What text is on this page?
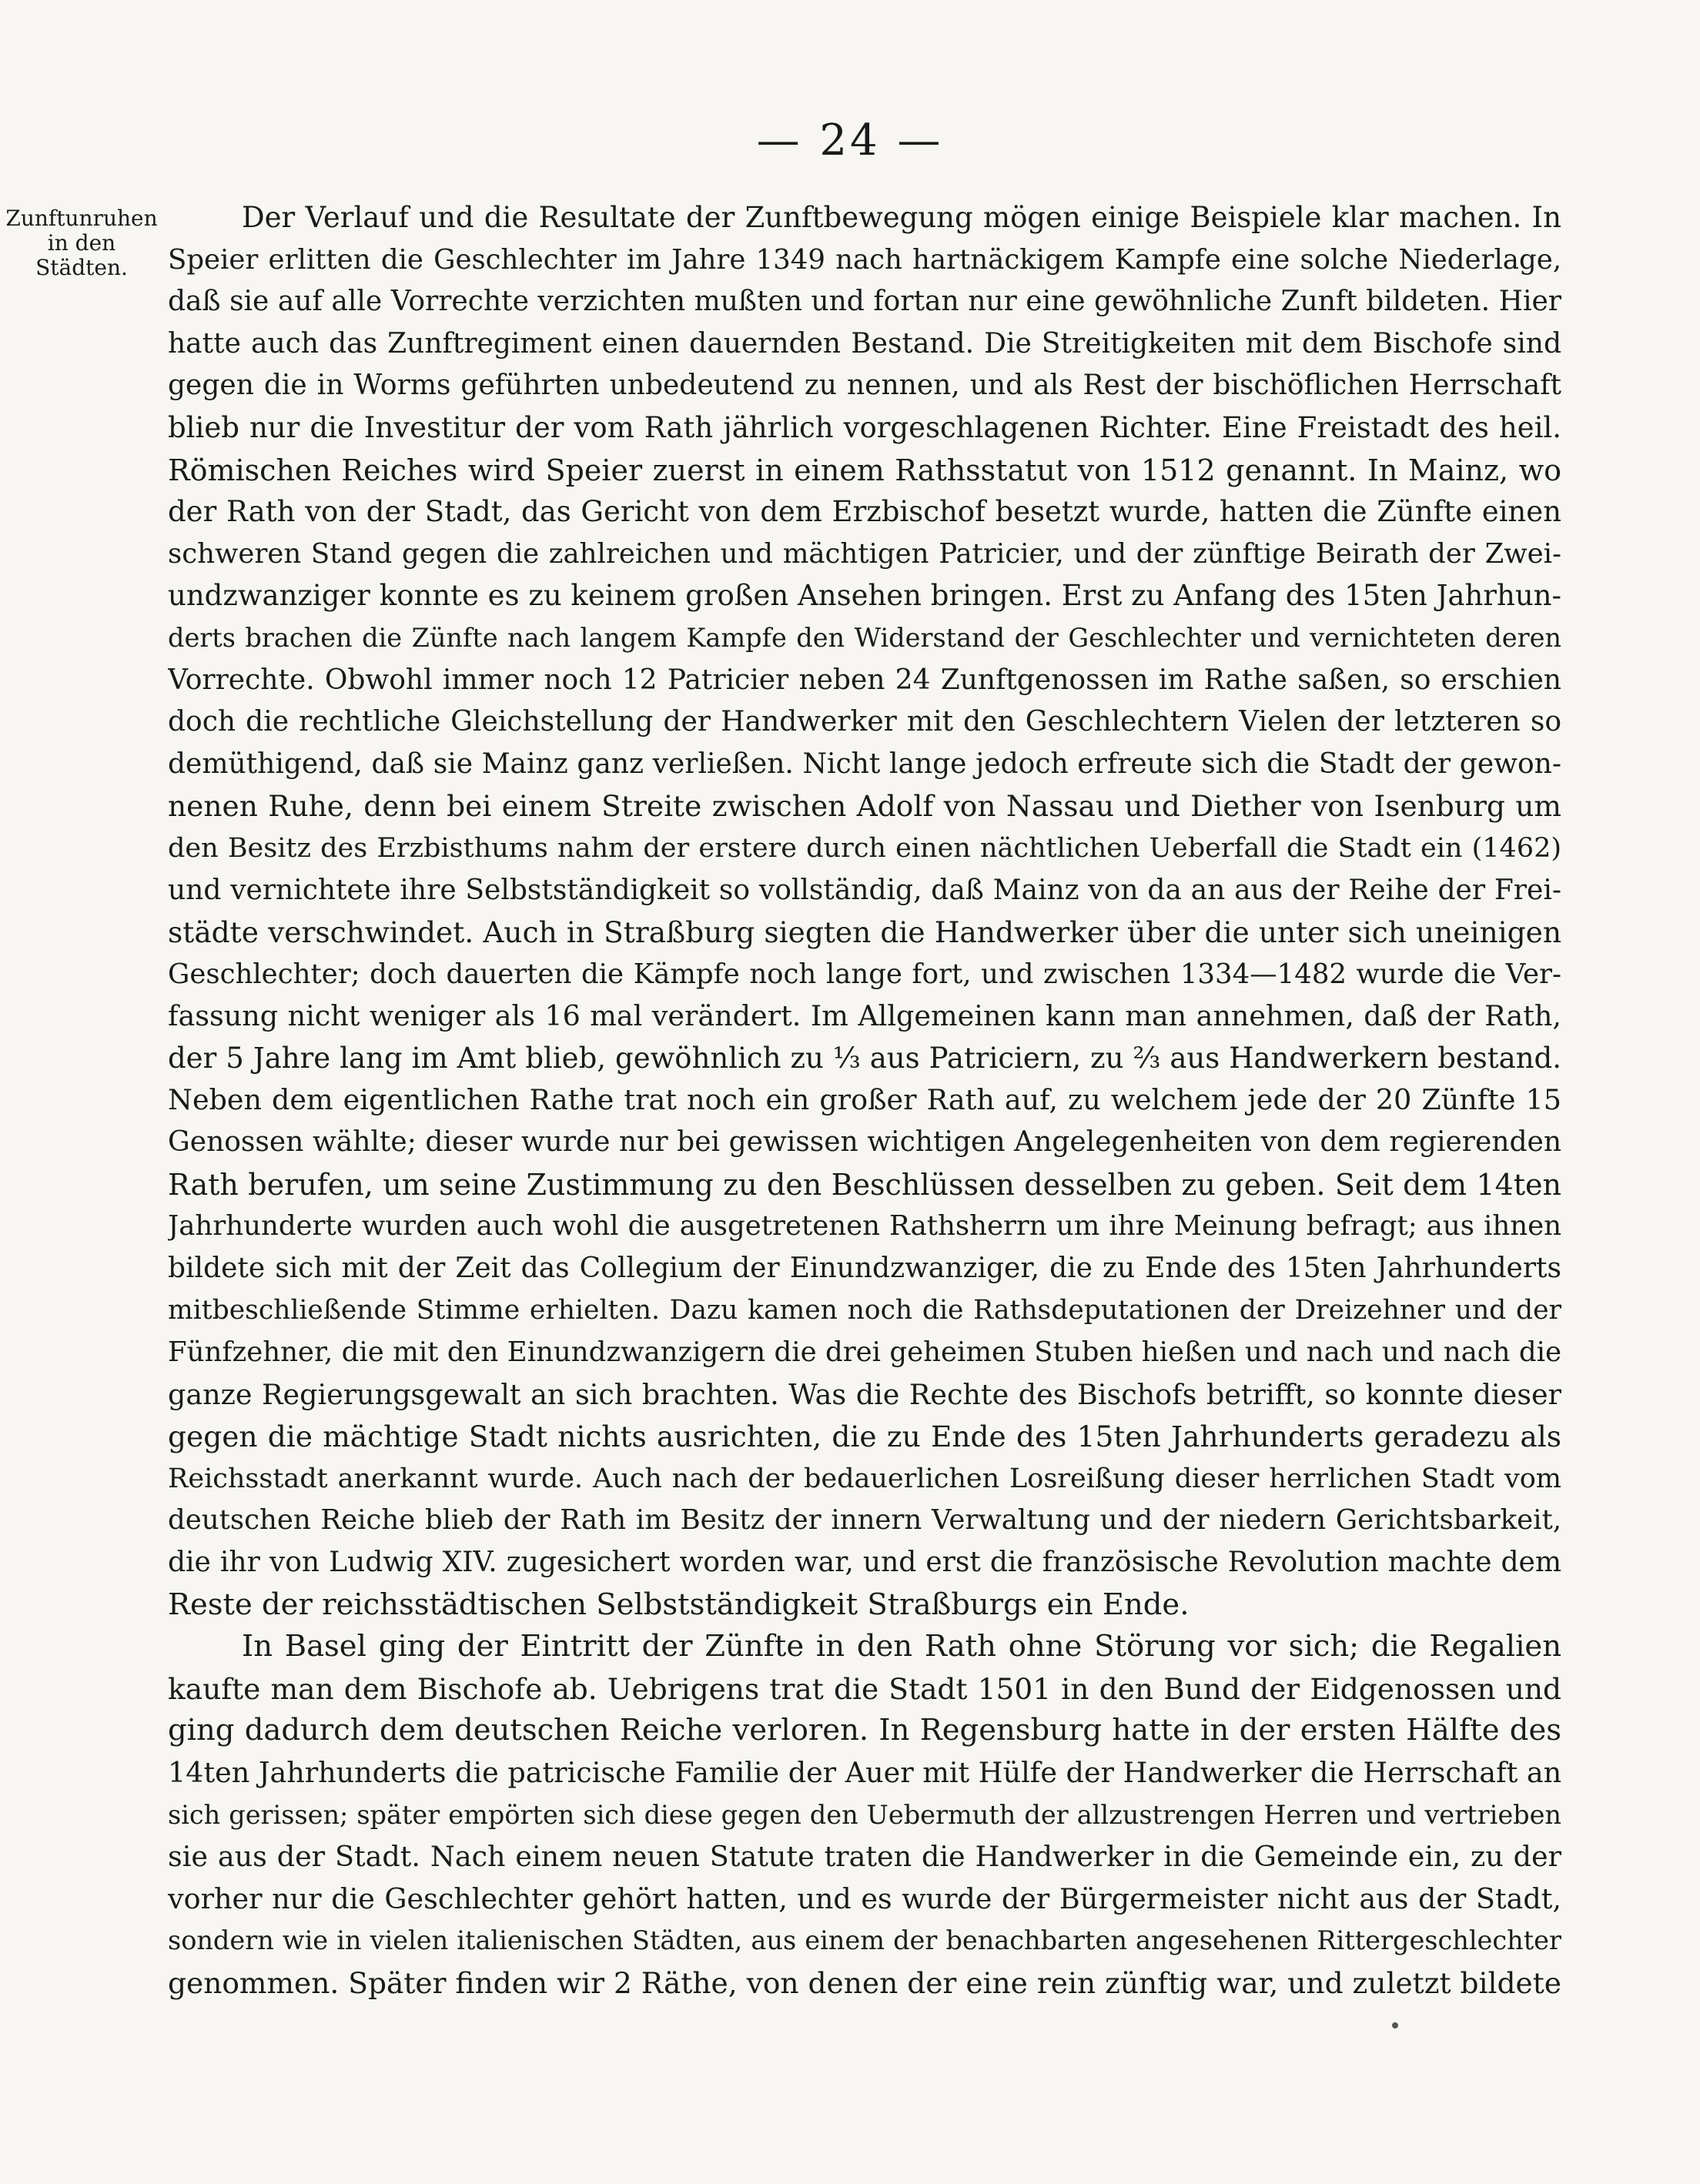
— 24 —
Zunftunruhen
in den
Städten.
Der Verlauf und die Resultate der Zunftbewegung mögen einige Beispiele klar machen. In
Speier erlitten die Geschlechter im Jahre 1349 nach hartnäckigem Kampfe eine solche Niederlage,
daß sie auf alle Vorrechte verzichten mußten und fortan nur eine gewöhnliche Zunft bildeten. Hier
hatte auch das Zunftregiment einen dauernden Bestand. Die Streitigkeiten mit dem Bischofe sind
gegen die in Worms geführten unbedeutend zu nennen, und als Rest der bischöflichen Herrschaft
blieb nur die Investitur der vom Rath jährlich vorgeschlagenen Richter. Eine Freistadt des heil.
Römischen Reiches wird Speier zuerst in einem Rathsstatut von 1512 genannt. In Mainz, wo
der Rath von der Stadt, das Gericht von dem Erzbischof besetzt wurde, hatten die Zünfte einen
schweren Stand gegen die zahlreichen und mächtigen Patricier, und der zünftige Beirath der Zwei-
undzwanziger konnte es zu keinem großen Ansehen bringen. Erst zu Anfang des 15ten Jahrhun-
derts brachen die Zünfte nach langem Kampfe den Widerstand der Geschlechter und vernichteten deren
Vorrechte. Obwohl immer noch 12 Patricier neben 24 Zunftgenossen im Rathe saßen, so erschien
doch die rechtliche Gleichstellung der Handwerker mit den Geschlechtern Vielen der letzteren so
demüthigend, daß sie Mainz ganz verließen. Nicht lange jedoch erfreute sich die Stadt der gewon-
nenen Ruhe, denn bei einem Streite zwischen Adolf von Nassau und Diether von Isenburg um
den Besitz des Erzbisthums nahm der erstere durch einen nächtlichen Ueberfall die Stadt ein (1462)
und vernichtete ihre Selbstständigkeit so vollständig, daß Mainz von da an aus der Reihe der Frei-
städte verschwindet. Auch in Straßburg siegten die Handwerker über die unter sich uneinigen
Geschlechter; doch dauerten die Kämpfe noch lange fort, und zwischen 1334—1482 wurde die Ver-
fassung nicht weniger als 16 mal verändert. Im Allgemeinen kann man annehmen, daß der Rath,
der 5 Jahre lang im Amt blieb, gewöhnlich zu ⅓ aus Patriciern, zu ⅔ aus Handwerkern bestand.
Neben dem eigentlichen Rathe trat noch ein großer Rath auf, zu welchem jede der 20 Zünfte 15
Genossen wählte; dieser wurde nur bei gewissen wichtigen Angelegenheiten von dem regierenden
Rath berufen, um seine Zustimmung zu den Beschlüssen desselben zu geben. Seit dem 14ten
Jahrhunderte wurden auch wohl die ausgetretenen Rathsherrn um ihre Meinung befragt; aus ihnen
bildete sich mit der Zeit das Collegium der Einundzwanziger, die zu Ende des 15ten Jahrhunderts
mitbeschließende Stimme erhielten. Dazu kamen noch die Rathsdeputationen der Dreizehner und der
Fünfzehner, die mit den Einundzwanzigern die drei geheimen Stuben hießen und nach und nach die
ganze Regierungsgewalt an sich brachten. Was die Rechte des Bischofs betrifft, so konnte dieser
gegen die mächtige Stadt nichts ausrichten, die zu Ende des 15ten Jahrhunderts geradezu als
Reichsstadt anerkannt wurde. Auch nach der bedauerlichen Losreißung dieser herrlichen Stadt vom
deutschen Reiche blieb der Rath im Besitz der innern Verwaltung und der niedern Gerichtsbarkeit,
die ihr von Ludwig XIV. zugesichert worden war, und erst die französische Revolution machte dem
Reste der reichsstädtischen Selbstständigkeit Straßburgs ein Ende.
In Basel ging der Eintritt der Zünfte in den Rath ohne Störung vor sich; die Regalien
kaufte man dem Bischofe ab. Uebrigens trat die Stadt 1501 in den Bund der Eidgenossen und
ging dadurch dem deutschen Reiche verloren. In Regensburg hatte in der ersten Hälfte des
14ten Jahrhunderts die patricische Familie der Auer mit Hülfe der Handwerker die Herrschaft an
sich gerissen; später empörten sich diese gegen den Uebermuth der allzustrengen Herren und vertrieben
sie aus der Stadt. Nach einem neuen Statute traten die Handwerker in die Gemeinde ein, zu der
vorher nur die Geschlechter gehört hatten, und es wurde der Bürgermeister nicht aus der Stadt,
sondern wie in vielen italienischen Städten, aus einem der benachbarten angesehenen Rittergeschlechter
genommen. Später finden wir 2 Räthe, von denen der eine rein zünftig war, und zuletzt bildete
